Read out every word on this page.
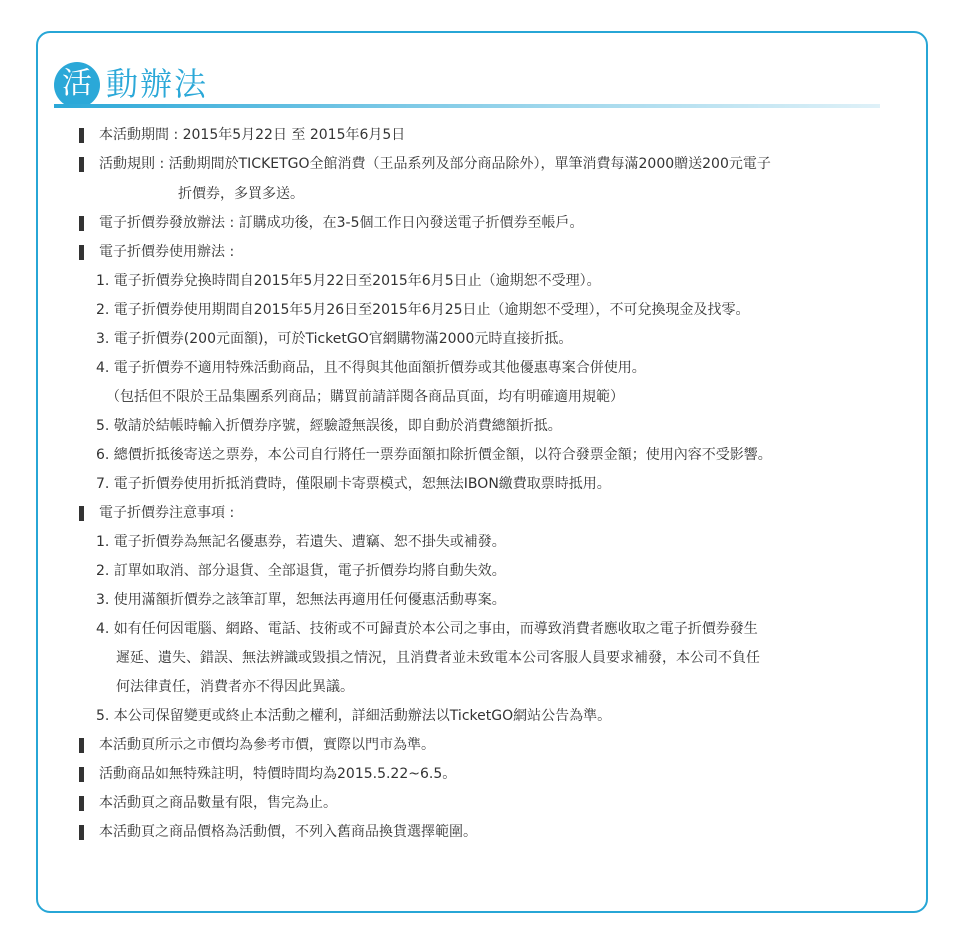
活 動辦法
本活動期間 : 2015年5月22日 至 2015年6月5日
活動規則 : 活動期間於TICKETGO全館消費（王品系列及部分商品除外），單筆消費每滿2000贈送200元電子
折價券，多買多送。
電子折價券發放辦法 : 訂購成功後，在3-5個工作日內發送電子折價券至帳戶。
電子折價券使用辦法 :
1. 電子折價券兌換時間自2015年5月22日至2015年6月5日止（逾期恕不受理）。
2. 電子折價券使用期間自2015年5月26日至2015年6月25日止（逾期恕不受理），不可兌換現金及找零。
3. 電子折價券(200元面額)，可於TicketGO官網購物滿2000元時直接折抵。
4. 電子折價券不適用特殊活動商品，且不得與其他面額折價券或其他優惠專案合併使用。
（包括但不限於王品集團系列商品；購買前請詳閱各商品頁面，均有明確適用規範）
5. 敬請於結帳時輸入折價券序號，經驗證無誤後，即自動於消費總額折抵。
6. 總價折抵後寄送之票券，本公司自行將任一票券面額扣除折價金額，以符合發票金額；使用內容不受影響。
7. 電子折價券使用折抵消費時，僅限刷卡寄票模式，恕無法IBON繳費取票時抵用。
電子折價券注意事項 :
1. 電子折價券為無記名優惠券，若遺失、遭竊、恕不掛失或補發。
2. 訂單如取消、部分退貨、全部退貨，電子折價券均將自動失效。
3. 使用滿額折價券之該筆訂單，恕無法再適用任何優惠活動專案。
4. 如有任何因電腦、網路、電話、技術或不可歸責於本公司之事由，而導致消費者應收取之電子折價券發生
遲延、遺失、錯誤、無法辨識或毀損之情況，且消費者並未致電本公司客服人員要求補發，本公司不負任
何法律責任，消費者亦不得因此異議。
5. 本公司保留變更或終止本活動之權利，詳細活動辦法以TicketGO網站公告為準。
本活動頁所示之市價均為參考市價，實際以門市為準。
活動商品如無特殊註明，特價時間均為2015.5.22~6.5。
本活動頁之商品數量有限，售完為止。
本活動頁之商品價格為活動價，不列入舊商品換貨選擇範圍。
